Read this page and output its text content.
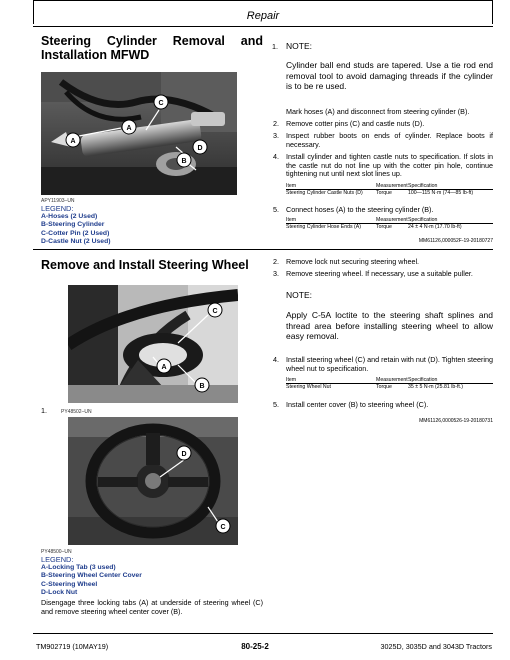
Repair
Steering Cylinder Removal and
Installation MFWD
A
A
C
D
B
APY11903–UN
LEGEND:
A-Hoses (2 Used)
B-Steering Cylinder
C-Cotter Pin (2 Used)
D-Castle Nut (2 Used)
1. NOTE:
Cylinder ball end studs are tapered. Use a tie rod end removal tool to avoid damaging threads if the cylinder is to be re used.
Mark hoses (A) and disconnect from steering cylinder (B).
2. Remove cotter pins (C) and castle nuts (D).
3. Inspect rubber boots on ends of cylinder. Replace boots if necessary.
4. Install cylinder and tighten castle nuts to specification. If slots in the castle nut do not line up with the cotter pin hole, continue tightening nut until next slot lines up.
Item	Measurement Specification
Steering Cylinder Castle Nuts (D)	Torque	100—115 N·m (74—85 lb-ft)
5. Connect hoses (A) to the steering cylinder (B).
Item	Measurement Specification
Steering Cylinder Hose Ends (A)	Torque	24 ± 4 N·m (17.70 lb-ft)
MM61126,000052F-19-20180727
Remove and Install Steering Wheel
C
A
B
1.	PY48502–UN
D
C
PY48500–UN
LEGEND:
A-Locking Tab (3 used)
B-Steering Wheel Center Cover
C-Steering Wheel
D-Lock Nut
Disengage three locking tabs (A) at underside of steering wheel (C) and remove steering wheel center cover (B).
2. Remove lock nut securing steering wheel.
3. Remove steering wheel. If necessary, use a suitable puller.
NOTE:
Apply C-5A loctite to the steering shaft splines and thread area before installing steering wheel to allow easy removal.
4. Install steering wheel (C) and retain with nut (D). Tighten steering wheel nut to specification.
Item	Measurement Specification
Steering Wheel Nut	Torque	35 ± 5 N·m (25.81 lb-ft.)
5. Install center cover (B) to steering wheel (C).
MM61126,0000526-19-20180731
TM902719 (10MAY19)	80-25-2	3025D, 3035D and 3043D Tractors
